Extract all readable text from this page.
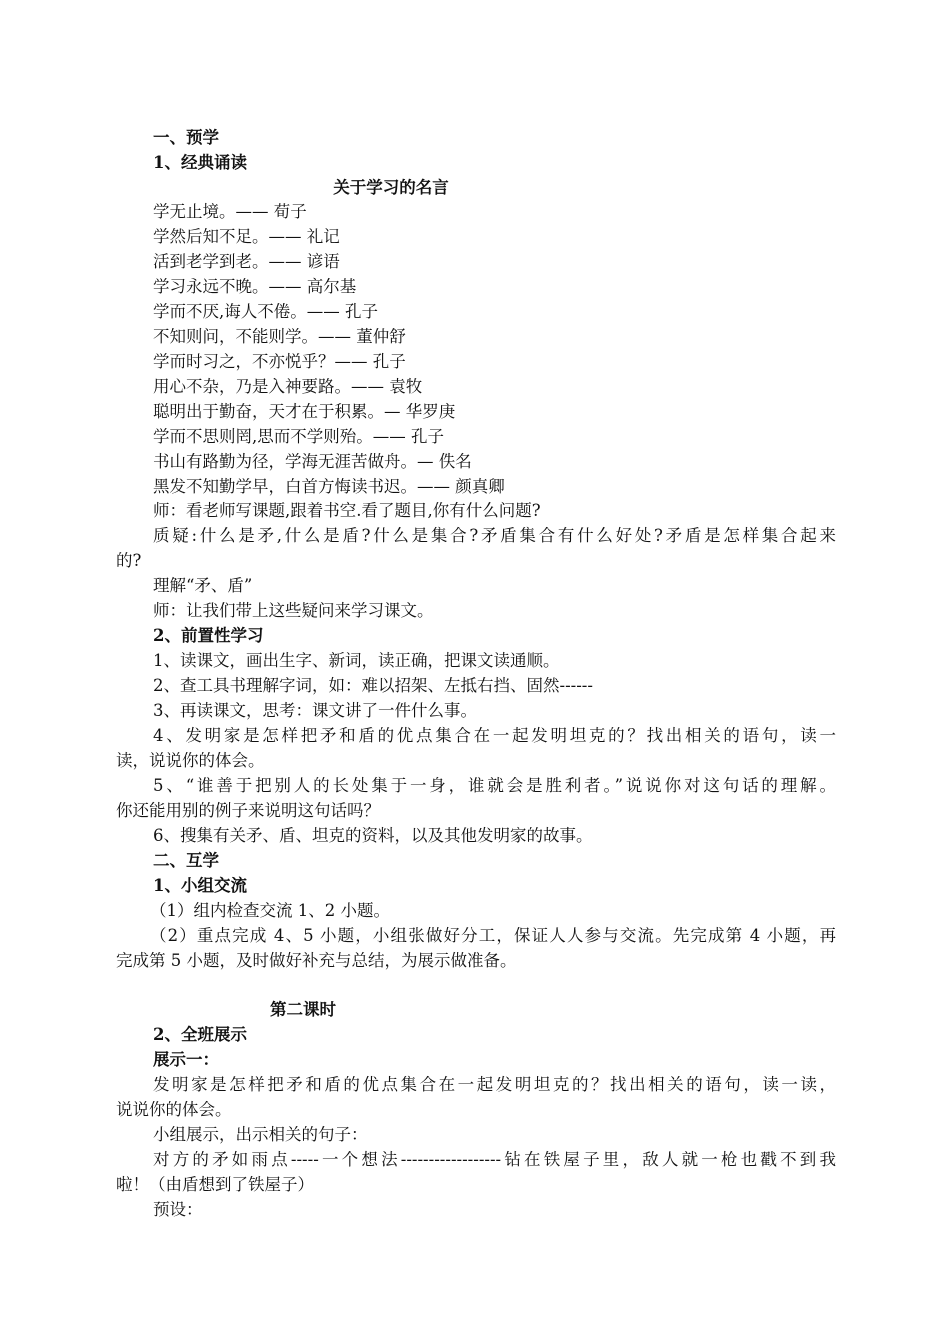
一、预学
1、经典诵读
关于学习的名言
学无止境。—— 荀子
学然后知不足。—— 礼记
活到老学到老。—— 谚语
学习永远不晚。—— 高尔基
学而不厌,诲人不倦。—— 孔子
不知则问，不能则学。—— 董仲舒
学而时习之，不亦悦乎？—— 孔子
用心不杂，乃是入神要路。—— 袁牧
聪明出于勤奋，天才在于积累。— 华罗庚
学而不思则罔,思而不学则殆。—— 孔子
书山有路勤为径，学海无涯苦做舟。— 佚名
黑发不知勤学早，白首方悔读书迟。—— 颜真卿
师：看老师写课题,跟着书空.看了题目,你有什么问题?
质疑:什么是矛,什么是盾?什么是集合?矛盾集合有什么好处?矛盾是怎样集合起来
的?
理解“矛、盾”
师：让我们带上这些疑问来学习课文。
2、前置性学习
1、读课文，画出生字、新词，读正确，把课文读通顺。
2、查工具书理解字词，如：难以招架、左抵右挡、固然------
3、再读课文，思考：课文讲了一件什么事。
4、发明家是怎样把矛和盾的优点集合在一起发明坦克的？找出相关的语句，读一
读，说说你的体会。
5、“谁善于把别人的长处集于一身，谁就会是胜利者。”说说你对这句话的理解。
你还能用别的例子来说明这句话吗？
6、搜集有关矛、盾、坦克的资料，以及其他发明家的故事。
二、互学
1、小组交流
（1）组内检查交流 1、2 小题。
（2）重点完成 4、5 小题，小组张做好分工，保证人人参与交流。先完成第 4 小题，再
完成第 5 小题，及时做好补充与总结，为展示做准备。
第二课时
2、全班展示
展示一：
发明家是怎样把矛和盾的优点集合在一起发明坦克的？找出相关的语句，读一读，
说说你的体会。
小组展示，出示相关的句子：
对方的矛如雨点-----一个想法------------------钻在铁屋子里，敌人就一枪也戳不到我
啦！（由盾想到了铁屋子）
预设：
